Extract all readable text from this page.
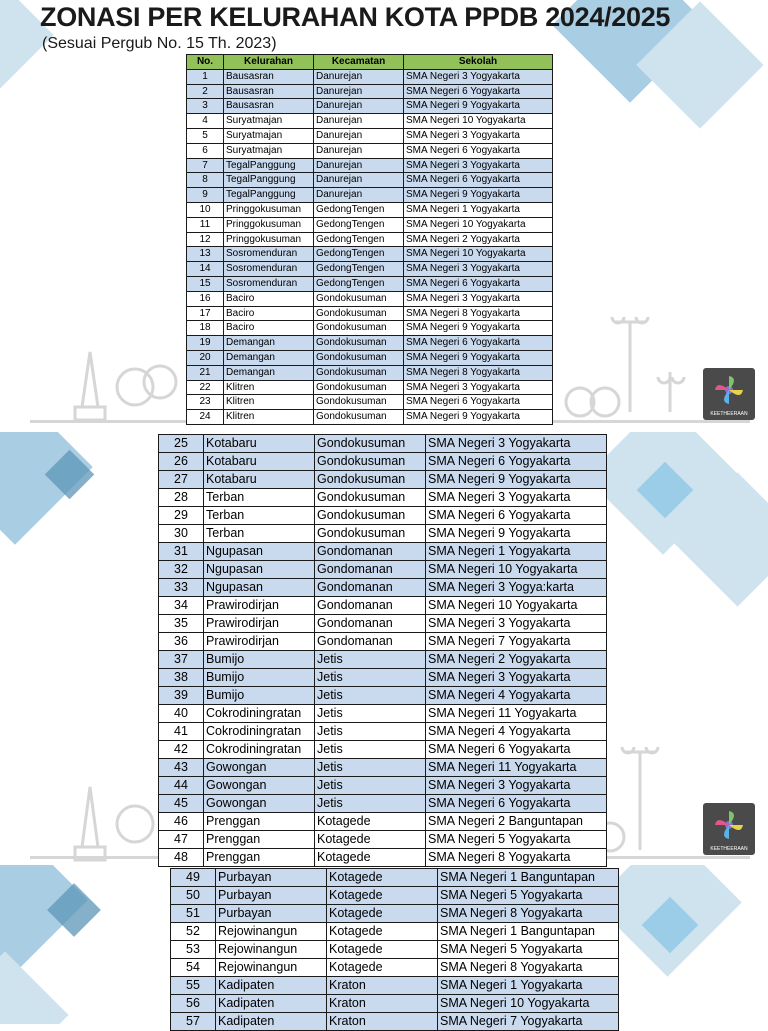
KEETHEERAAN
KEETHEERAAN
ZONASI PER KELURAHAN KOTA PPDB 2024/2025
(Sesuai Pergub No. 15 Th. 2023)
No.	Kelurahan	Kecamatan	Sekolah
1	Bausasran	Danurejan	SMA Negeri 3 Yogyakarta
2	Bausasran	Danurejan	SMA Negeri 6 Yogyakarta
3	Bausasran	Danurejan	SMA Negeri 9 Yogyakarta
4	Suryatmajan	Danurejan	SMA Negeri 10 Yogyakarta
5	Suryatmajan	Danurejan	SMA Negeri 3 Yogyakarta
6	Suryatmajan	Danurejan	SMA Negeri 6 Yogyakarta
7	TegalPanggung	Danurejan	SMA Negeri 3 Yogyakarta
8	TegalPanggung	Danurejan	SMA Negeri 6 Yogyakarta
9	TegalPanggung	Danurejan	SMA Negeri 9 Yogyakarta
10	Pringgokusuman	GedongTengen	SMA Negeri 1 Yogyakarta
11	Pringgokusuman	GedongTengen	SMA Negeri 10 Yogyakarta
12	Pringgokusuman	GedongTengen	SMA Negeri 2 Yogyakarta
13	Sosromenduran	GedongTengen	SMA Negeri 10 Yogyakarta
14	Sosromenduran	GedongTengen	SMA Negeri 3 Yogyakarta
15	Sosromenduran	GedongTengen	SMA Negeri 6 Yogyakarta
16	Baciro	Gondokusuman	SMA Negeri 3 Yogyakarta
17	Baciro	Gondokusuman	SMA Negeri 8 Yogyakarta
18	Baciro	Gondokusuman	SMA Negeri 9 Yogyakarta
19	Demangan	Gondokusuman	SMA Negeri 6 Yogyakarta
20	Demangan	Gondokusuman	SMA Negeri 9 Yogyakarta
21	Demangan	Gondokusuman	SMA Negeri 8 Yogyakarta
22	Klitren	Gondokusuman	SMA Negeri 3 Yogyakarta
23	Klitren	Gondokusuman	SMA Negeri 6 Yogyakarta
24	Klitren	Gondokusuman	SMA Negeri 9 Yogyakarta
25	Kotabaru	Gondokusuman	SMA Negeri 3 Yogyakarta
26	Kotabaru	Gondokusuman	SMA Negeri 6 Yogyakarta
27	Kotabaru	Gondokusuman	SMA Negeri 9 Yogyakarta
28	Terban	Gondokusuman	SMA Negeri 3 Yogyakarta
29	Terban	Gondokusuman	SMA Negeri 6 Yogyakarta
30	Terban	Gondokusuman	SMA Negeri 9 Yogyakarta
31	Ngupasan	Gondomanan	SMA Negeri 1 Yogyakarta
32	Ngupasan	Gondomanan	SMA Negeri 10 Yogyakarta
33	Ngupasan	Gondomanan	SMA Negeri 3 Yogya:karta
34	Prawirodirjan	Gondomanan	SMA Negeri 10 Yogyakarta
35	Prawirodirjan	Gondomanan	SMA Negeri 3 Yogyakarta
36	Prawirodirjan	Gondomanan	SMA Negeri 7 Yogyakarta
37	Bumijo	Jetis	SMA Negeri 2 Yogyakarta
38	Bumijo	Jetis	SMA Negeri 3 Yogyakarta
39	Bumijo	Jetis	SMA Negeri 4 Yogyakarta
40	Cokrodiningratan	Jetis	SMA Negeri 11 Yogyakarta
41	Cokrodiningratan	Jetis	SMA Negeri 4 Yogyakarta
42	Cokrodiningratan	Jetis	SMA Negeri 6 Yogyakarta
43	Gowongan	Jetis	SMA Negeri 11 Yogyakarta
44	Gowongan	Jetis	SMA Negeri 3 Yogyakarta
45	Gowongan	Jetis	SMA Negeri 6 Yogyakarta
46	Prenggan	Kotagede	SMA Negeri 2 Banguntapan
47	Prenggan	Kotagede	SMA Negeri 5 Yogyakarta
48	Prenggan	Kotagede	SMA Negeri 8 Yogyakarta
49	Purbayan	Kotagede	SMA Negeri 1 Banguntapan
50	Purbayan	Kotagede	SMA Negeri 5 Yogyakarta
51	Purbayan	Kotagede	SMA Negeri 8 Yogyakarta
52	Rejowinangun	Kotagede	SMA Negeri 1 Banguntapan
53	Rejowinangun	Kotagede	SMA Negeri 5 Yogyakarta
54	Rejowinangun	Kotagede	SMA Negeri 8 Yogyakarta
55	Kadipaten	Kraton	SMA Negeri 1 Yogyakarta
56	Kadipaten	Kraton	SMA Negeri 10 Yogyakarta
57	Kadipaten	Kraton	SMA Negeri 7 Yogyakarta
